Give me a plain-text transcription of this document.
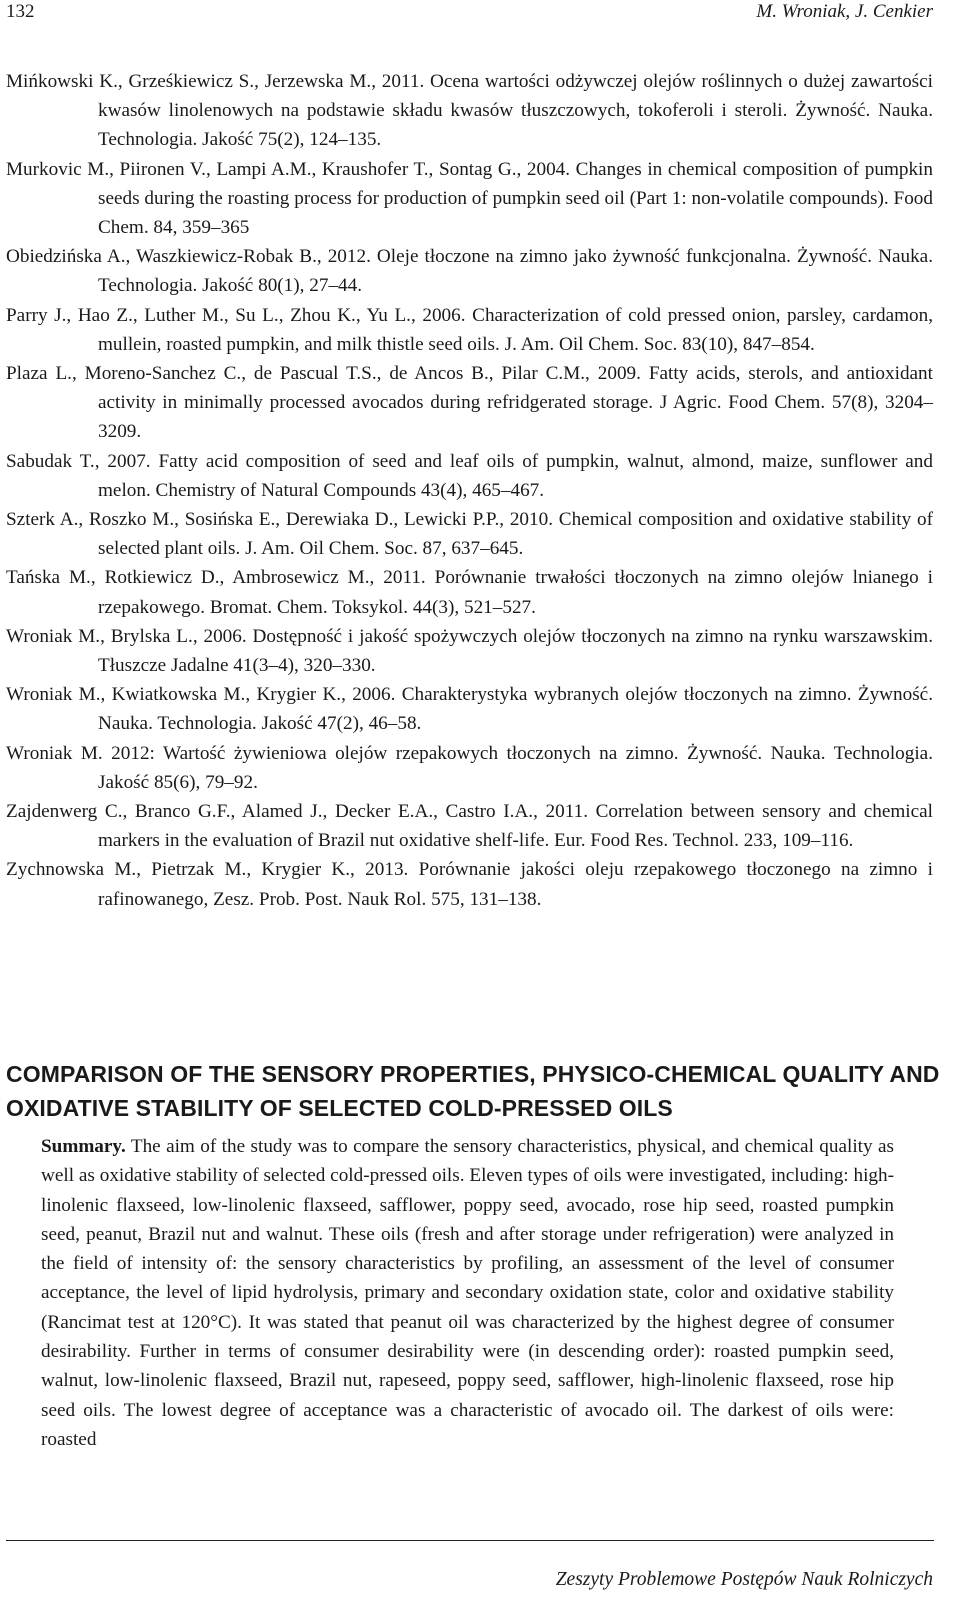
132	M. Wroniak, J. Cenkier

Mińkowski K., Grześkiewicz S., Jerzewska M., 2011. Ocena wartości odżywczej olejów roślinnych o dużej zawartości kwasów linolenowych na podstawie składu kwasów tłuszczowych, tokoferoli i steroli. Żywność. Nauka. Technologia. Jakość 75(2), 124–135.

Murkovic M., Piironen V., Lampi A.M., Kraushofer T., Sontag G., 2004. Changes in chemical composition of pumpkin seeds during the roasting process for production of pumpkin seed oil (Part 1: non-volatile compounds). Food Chem. 84, 359–365

Obiedzińska A., Waszkiewicz-Robak B., 2012. Oleje tłoczone na zimno jako żywność funkcjonalna. Żywność. Nauka. Technologia. Jakość 80(1), 27–44.

Parry J., Hao Z., Luther M., Su L., Zhou K., Yu L., 2006. Characterization of cold pressed onion, parsley, cardamon, mullein, roasted pumpkin, and milk thistle seed oils. J. Am. Oil Chem. Soc. 83(10), 847–854.

Plaza L., Moreno-Sanchez C., de Pascual T.S., de Ancos B., Pilar C.M., 2009. Fatty acids, sterols, and antioxidant activity in minimally processed avocados during refridgerated storage. J Agric. Food Chem. 57(8), 3204–3209.

Sabudak T., 2007. Fatty acid composition of seed and leaf oils of pumpkin, walnut, almond, maize, sunflower and melon. Chemistry of Natural Compounds 43(4), 465–467.

Szterk A., Roszko M., Sosińska E., Derewiaka D., Lewicki P.P., 2010. Chemical composition and oxidative stability of selected plant oils. J. Am. Oil Chem. Soc. 87, 637–645.

Tańska M., Rotkiewicz D., Ambrosewicz M., 2011. Porównanie trwałości tłoczonych na zimno olejów lnianego i rzepakowego. Bromat. Chem. Toksykol. 44(3), 521–527.

Wroniak M., Brylska L., 2006. Dostępność i jakość spożywczych olejów tłoczonych na zimno na rynku warszawskim. Tłuszcze Jadalne 41(3–4), 320–330.

Wroniak M., Kwiatkowska M., Krygier K., 2006. Charakterystyka wybranych olejów tłoczonych na zimno. Żywność. Nauka. Technologia. Jakość 47(2), 46–58.

Wroniak M. 2012: Wartość żywieniowa olejów rzepakowych tłoczonych na zimno. Żywność. Nauka. Technologia. Jakość 85(6), 79–92.

Zajdenwerg C., Branco G.F., Alamed J., Decker E.A., Castro I.A., 2011. Correlation between sensory and chemical markers in the evaluation of Brazil nut oxidative shelf-life. Eur. Food Res. Technol. 233, 109–116.

Zychnowska M., Pietrzak M., Krygier K., 2013. Porównanie jakości oleju rzepakowego tłoczonego na zimno i rafinowanego, Zesz. Prob. Post. Nauk Rol. 575, 131–138.

COMPARISON OF THE SENSORY PROPERTIES, PHYSICO-CHEMICAL QUALITY AND OXIDATIVE STABILITY OF SELECTED COLD-PRESSED OILS

Summary. The aim of the study was to compare the sensory characteristics, physical, and chemical quality as well as oxidative stability of selected cold-pressed oils. Eleven types of oils were investigated, including: high-linolenic flaxseed, low-linolenic flaxseed, safflower, poppy seed, avocado, rose hip seed, roasted pumpkin seed, peanut, Brazil nut and walnut. These oils (fresh and after storage under refrigeration) were analyzed in the field of intensity of: the sensory characteristics by profiling, an assessment of the level of consumer acceptance, the level of lipid hydrolysis, primary and secondary oxidation state, color and oxidative stability (Rancimat test at 120°C). It was stated that peanut oil was characterized by the highest degree of consumer desirability. Further in terms of consumer desirability were (in descending order): roasted pumpkin seed, walnut, low-linolenic flaxseed, Brazil nut, rapeseed, poppy seed, safflower, high-linolenic flaxseed, rose hip seed oils. The lowest degree of acceptance was a characteristic of avocado oil. The darkest of oils were: roasted

Zeszyty Problemowe Postępów Nauk Rolniczych
